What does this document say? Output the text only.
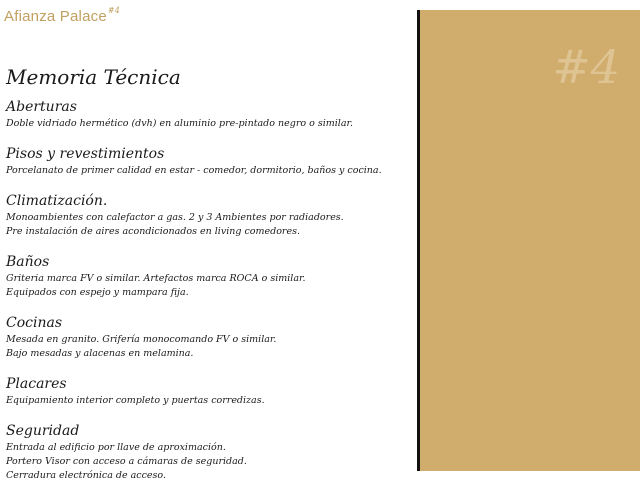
Afianza Palace$^{\#4}$
Memoria Técnica
Aberturas

Doble vidriado hermético (dvh) en aluminio pre-pintado negro o similar.

Pisos y revestimientos

Porcelanato de primer calidad en estar - comedor, dormitorio, baños y cocina.

Climatización.

Monoambientes con calefactor a gas. 2 y 3 Ambientes por radiadores.

Pre instalación de aires acondicionados en living comedores.

Baños

Griteria marca FV o similar. Artefactos marca ROCA o similar.

Equipados con espejo y mampara fija.

Cocinas

Mesada en granito. Grifería monocomando FV o similar.

Bajo mesadas y alacenas en melamina.

Placares

Equipamiento interior completo y puertas corredizas.

Seguridad

Entrada al edificio por llave de aproximación.

Portero Visor con acceso a cámaras de seguridad.

Cerradura electrónica de acceso.

#4
